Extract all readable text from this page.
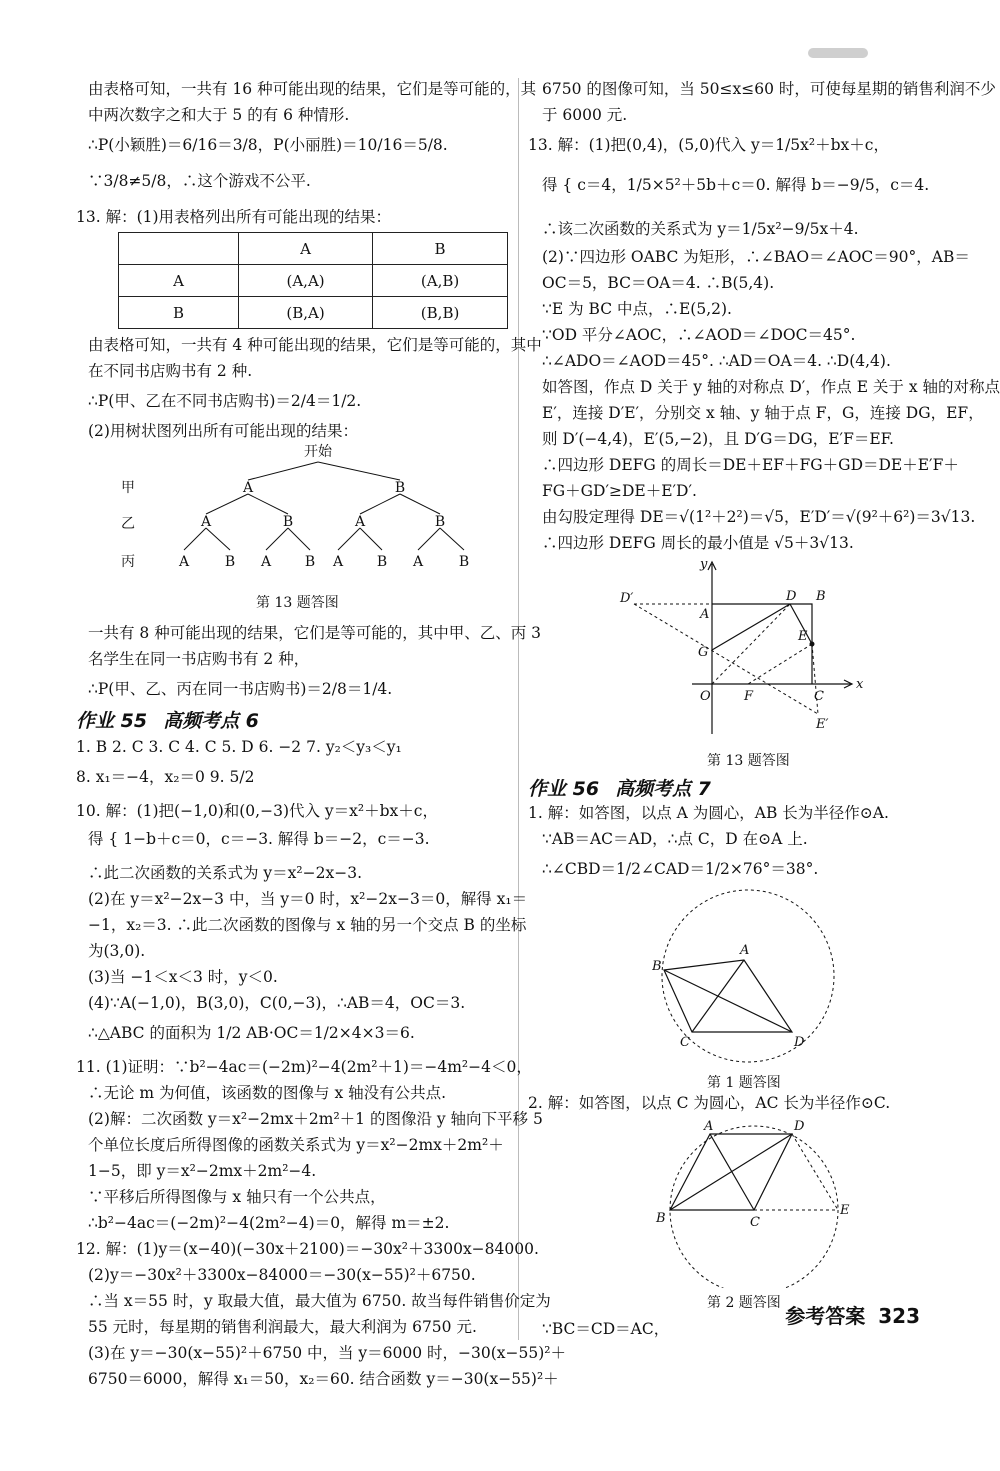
由表格可知，一共有 16 种可能出现的结果，它们是等可能的，其
中两次数字之和大于 5 的有 6 种情形.
∴P(小颖胜)＝6/16＝3/8，P(小丽胜)＝10/16＝5/8.
∵3/8≠5/8，∴这个游戏不公平.
13. 解：(1)用表格列出所有可能出现的结果：
	A	B
A	(A,A)	(A,B)
B	(B,A)	(B,B)
由表格可知，一共有 4 种可能出现的结果，它们是等可能的，其中
在不同书店购书有 2 种.
∴P(甲、乙在不同书店购书)＝2/4＝1/2.
(2)用树状图列出所有可能出现的结果：
开始
甲
乙
丙
A	B
A	B	A	B
A	B A B A B A	B
第 13 题答图
一共有 8 种可能出现的结果，它们是等可能的，其中甲、乙、丙 3
名学生在同一书店购书有 2 种，
∴P(甲、乙、丙在同一书店购书)＝2/8＝1/4.
作业 55 高频考点 6
1. B 2. C 3. C 4. C 5. D 6. −2 7. y₂＜y₃＜y₁
8. x₁＝−4，x₂＝0 9. 5/2
10. 解：(1)把(−1,0)和(0,−3)代入 y＝x²＋bx＋c，
得 { 1−b＋c＝0，c＝−3. 解得 b＝−2，c＝−3.
∴此二次函数的关系式为 y＝x²−2x−3.
(2)在 y＝x²−2x−3 中，当 y＝0 时，x²−2x−3＝0，解得 x₁＝
−1，x₂＝3. ∴此二次函数的图像与 x 轴的另一个交点 B 的坐标
为(3,0).
(3)当 −1＜x＜3 时，y＜0.
(4)∵A(−1,0)，B(3,0)，C(0,−3)，∴AB＝4，OC＝3.
∴△ABC 的面积为 1/2 AB·OC＝1/2×4×3＝6.
11. (1)证明：∵b²−4ac＝(−2m)²−4(2m²＋1)＝−4m²−4＜0，
∴无论 m 为何值，该函数的图像与 x 轴没有公共点.
(2)解：二次函数 y＝x²−2mx＋2m²＋1 的图像沿 y 轴向下平移 5
个单位长度后所得图像的函数关系式为 y＝x²−2mx＋2m²＋
1−5，即 y＝x²−2mx＋2m²−4.
∵平移后所得图像与 x 轴只有一个公共点，
∴b²−4ac＝(−2m)²−4(2m²−4)＝0，解得 m＝±2.
12. 解：(1)y＝(x−40)(−30x＋2100)＝−30x²＋3300x−84000.
(2)y＝−30x²＋3300x−84000＝−30(x−55)²＋6750.
∴当 x＝55 时，y 取最大值，最大值为 6750. 故当每件销售价定为
55 元时，每星期的销售利润最大，最大利润为 6750 元.
(3)在 y＝−30(x−55)²＋6750 中，当 y＝6000 时，−30(x−55)²＋
6750＝6000，解得 x₁＝50，x₂＝60. 结合函数 y＝−30(x−55)²＋
6750 的图像可知，当 50≤x≤60 时，可使每星期的销售利润不少
于 6000 元.
13. 解：(1)把(0,4)，(5,0)代入 y＝1/5x²＋bx＋c，
得 { c＝4，1/5×5²＋5b＋c＝0. 解得 b＝−9/5，c＝4.
∴该二次函数的关系式为 y＝1/5x²−9/5x＋4.
(2)∵四边形 OABC 为矩形，∴∠BAO＝∠AOC＝90°，AB＝
OC＝5，BC＝OA＝4. ∴B(5,4).
∵E 为 BC 中点，∴E(5,2).
∵OD 平分∠AOC，∴∠AOD＝∠DOC＝45°.
∴∠ADO＝∠AOD＝45°. ∴AD＝OA＝4. ∴D(4,4).
如答图，作点 D 关于 y 轴的对称点 D′，作点 E 关于 x 轴的对称点
E′，连接 D′E′，分别交 x 轴、y 轴于点 F，G，连接 DG，EF，
则 D′(−4,4)，E′(5,−2)，且 D′G＝DG，E′F＝EF.
∴四边形 DEFG 的周长＝DE＋EF＋FG＋GD＝DE＋E′F＋
FG＋GD′≥DE＋E′D′.
由勾股定理得 DE＝√(1²＋2²)＝√5，E′D′＝√(9²＋6²)＝3√13.
∴四边形 DEFG 周长的最小值是 √5＋3√13.
y
x
D′	D B
A
E
G
O	F	C
E′
第 13 题答图
作业 56 高频考点 7
1. 解：如答图，以点 A 为圆心，AB 长为半径作⊙A.
∵AB＝AC＝AD，∴点 C，D 在⊙A 上.
∴∠CBD＝1/2∠CAD＝1/2×76°＝38°.
A
B
C	D
第 1 题答图
2. 解：如答图，以点 C 为圆心，AC 长为半径作⊙C.
A	D
B	C
E
第 2 题答图
∵BC＝CD＝AC，
参考答案 323
